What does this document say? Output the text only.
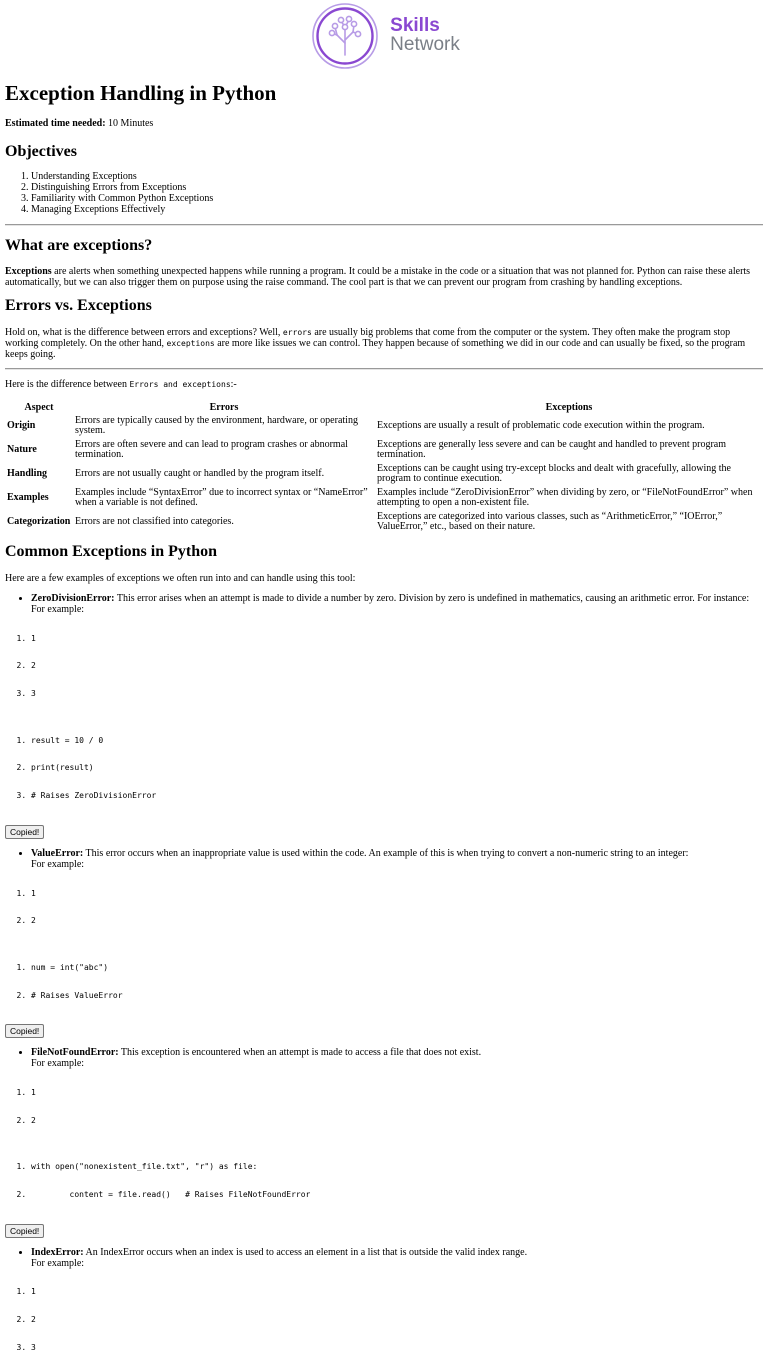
Skills
Network
Exception Handling in Python

Estimated time needed: 10 Minutes

Objectives
1. Understanding Exceptions
2. Distinguishing Errors from Exceptions
3. Familiarity with Common Python Exceptions
4. Managing Exceptions Effectively
What are exceptions?

Exceptions are alerts when something unexpected happens while running a program. It could be a mistake in the code or a situation that was not planned for. Python can raise these alerts automatically, but we can also trigger them on purpose using the raise command. The cool part is that we can prevent our program from crashing by handling exceptions.

Errors vs. Exceptions

Hold on, what is the difference between errors and exceptions? Well, errors are usually big problems that come from the computer or the system. They often make the program stop working completely. On the other hand, exceptions are more like issues we can control. They happen because of something we did in our code and can usually be fixed, so the program keeps going.

Here is the difference between Errors and exceptions:-

Aspect	Errors	Exceptions
Origin	Errors are typically caused by the environment, hardware, or operating system.	Exceptions are usually a result of problematic code execution within the program.
Nature	Errors are often severe and can lead to program crashes or abnormal termination.	Exceptions are generally less severe and can be caught and handled to prevent program termination.
Handling	Errors are not usually caught or handled by the program itself.	Exceptions can be caught using try-except blocks and dealt with gracefully, allowing the program to continue execution.
Examples	Examples include “SyntaxError” due to incorrect syntax or “NameError” when a variable is not defined.	Examples include “ZeroDivisionError” when dividing by zero, or “FileNotFoundError” when attempting to open a non-existent file.
Categorization	Errors are not classified into categories.	Exceptions are categorized into various classes, such as “ArithmeticError,” “IOError,” ValueError,” etc., based on their nature.
Common Exceptions in Python

Here are a few examples of exceptions we often run into and can handle using this tool:

• ZeroDivisionError: This error arises when an attempt is made to divide a number by zero. Division by zero is undefined in mathematics, causing an arithmetic error. For instance:
For example:

1. 1

2. 2

3. 3

1. result = 10 / 0

2. print(result)

3. # Raises ZeroDivisionError

Copied!
• ValueError: This error occurs when an inappropriate value is used within the code. An example of this is when trying to convert a non-numeric string to an integer:
For example:

1. 1

2. 2

1. num = int("abc")

2. # Raises ValueError

Copied!
• FileNotFoundError: This exception is encountered when an attempt is made to access a file that does not exist.
For example:

1. 1

2. 2

1. with open("nonexistent_file.txt", "r") as file:

2.         content = file.read()   # Raises FileNotFoundError

Copied!
• IndexError: An IndexError occurs when an index is used to access an element in a list that is outside the valid index range.
For example:

1. 1

2. 2

3. 3
